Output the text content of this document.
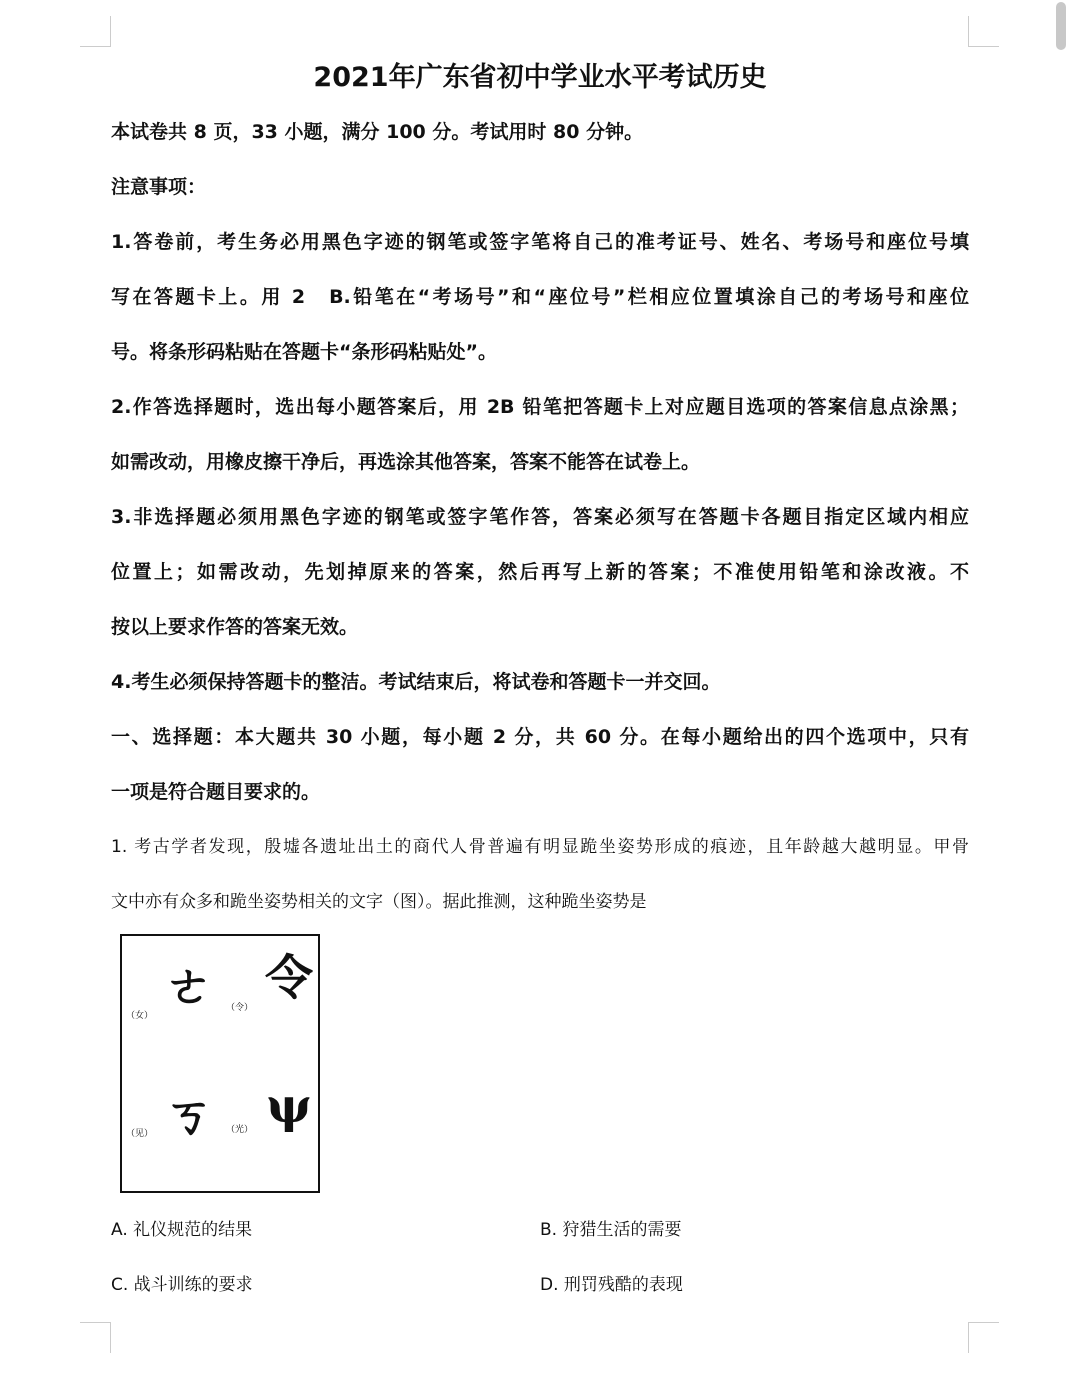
2021年广东省初中学业水平考试历史
本试卷共 8 页，33 小题，满分 100 分。考试用时 80 分钟。
注意事项：
1.答卷前，考生务必用黑色字迹的钢笔或签字笔将自己的准考证号、姓名、考场号和座位号填
写在答题卡上。用 2　B.铅笔在“考场号”和“座位号”栏相应位置填涂自己的考场号和座位
号。将条形码粘贴在答题卡“条形码粘贴处”。
2.作答选择题时，选出每小题答案后，用 2B 铅笔把答题卡上对应题目选项的答案信息点涂黑；
如需改动，用橡皮擦干净后，再选涂其他答案，答案不能答在试卷上。
3.非选择题必须用黑色字迹的钢笔或签字笔作答，答案必须写在答题卡各题目指定区域内相应
位置上；如需改动，先划掉原来的答案，然后再写上新的答案；不准使用铅笔和涂改液。不
按以上要求作答的答案无效。
4.考生必须保持答题卡的整洁。考试结束后，将试卷和答题卡一并交回。
一、选择题：本大题共 30 小题，每小题 2 分，共 60 分。在每小题给出的四个选项中，只有
一项是符合题目要求的。
1. 考古学者发现，殷墟各遗址出土的商代人骨普遍有明显跪坐姿势形成的痕迹，且年龄越大越明显。甲骨
文中亦有众多和跪坐姿势相关的文字（图）。据此推测，这种跪坐姿势是
（女）
ㄜ	（令）
令
（见） ㄎ	（光） ψ
A. 礼仪规范的结果	B. 狩猎生活的需要
C. 战斗训练的要求	D. 刑罚残酷的表现
